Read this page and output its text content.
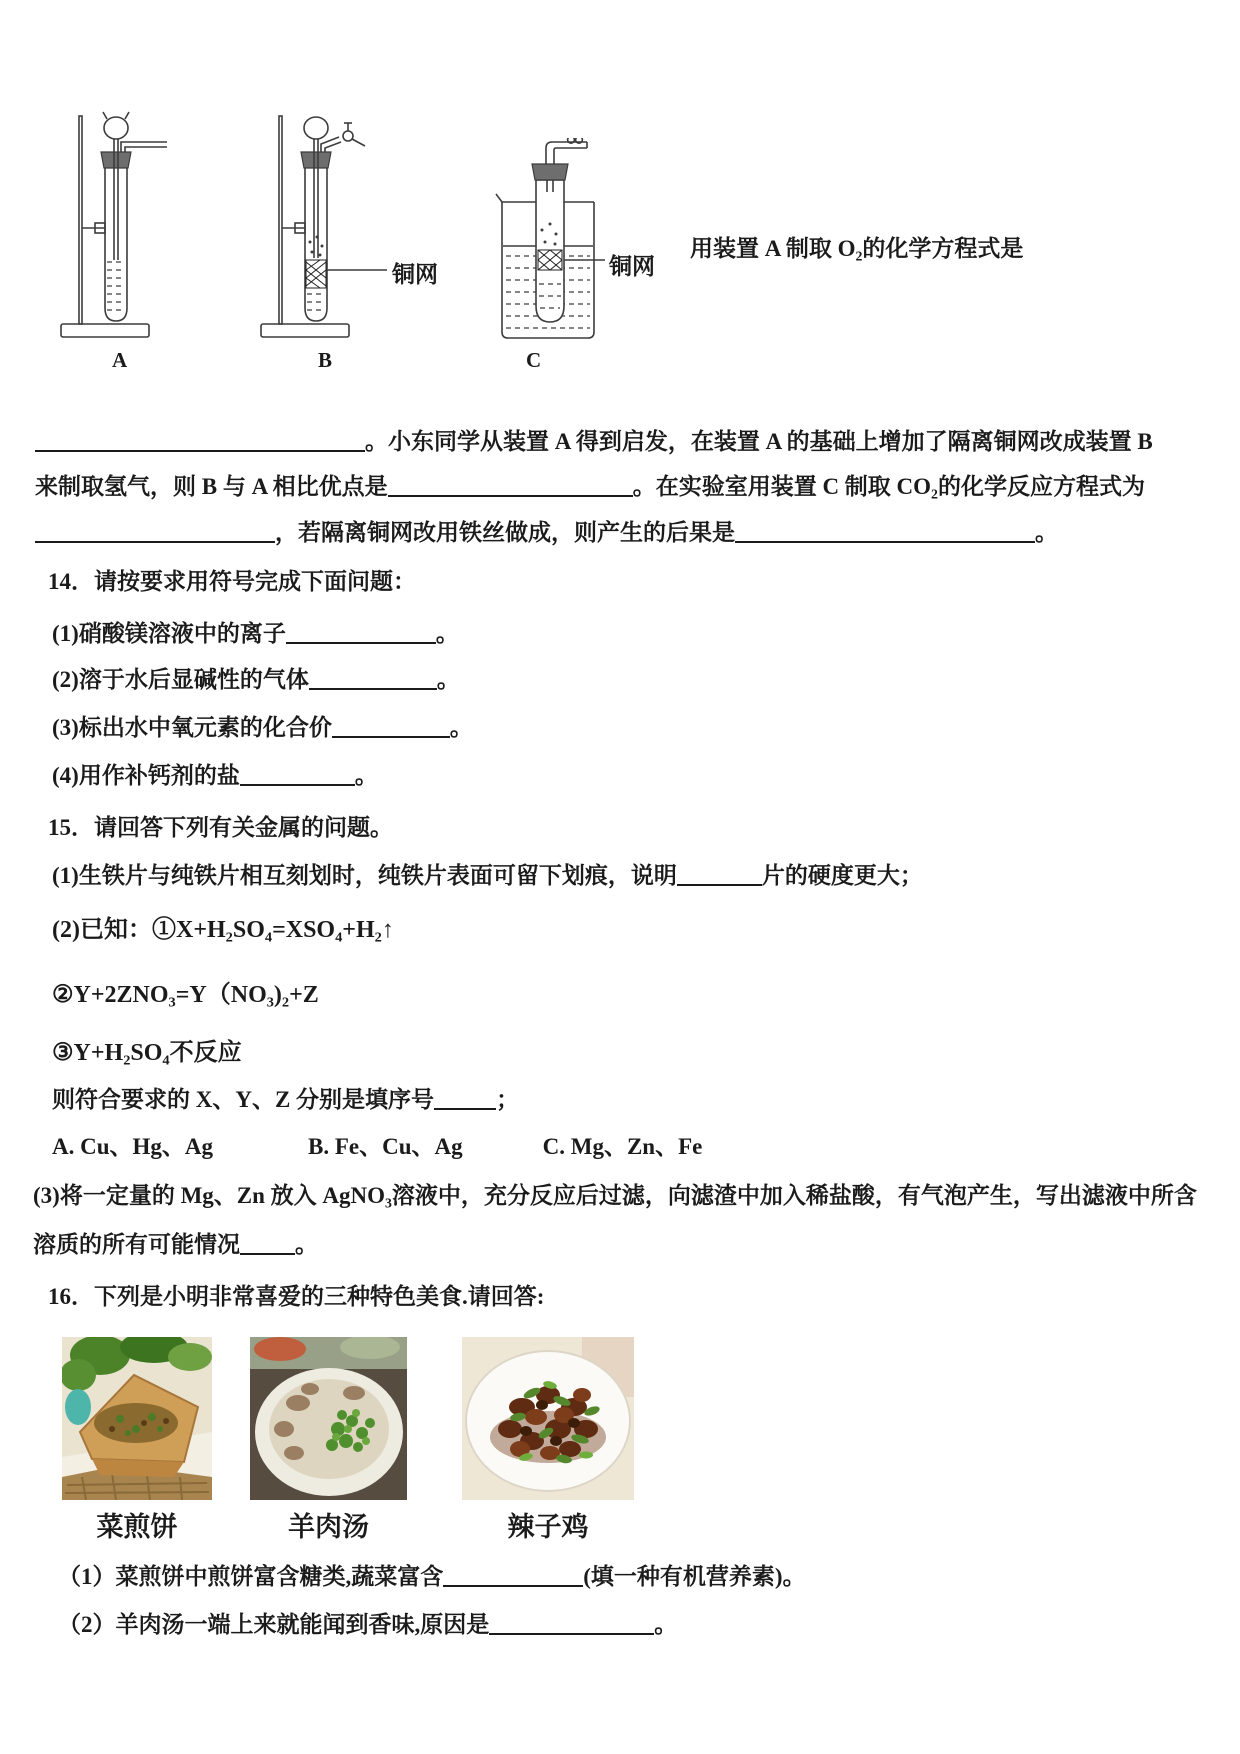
铜网	铜网
A	B	C
用装置 A 制取 O₂的化学方程式是
。小东同学从装置 A 得到启发，在装置 A 的基础上增加了隔离铜网改成装置 B
来制取氢气，则 B 与 A 相比优点是	。在实验室用装置 C 制取 CO₂的化学反应方程式为
，若隔离铜网改用铁丝做成，则产生的后果是	。
14．请按要求用符号完成下面问题：
(1)硝酸镁溶液中的离子	。
(2)溶于水后显碱性的气体	。
(3)标出水中氧元素的化合价	。
(4)用作补钙剂的盐	。
15．请回答下列有关金属的问题。
(1)生铁片与纯铁片相互刻划时，纯铁片表面可留下划痕，说明	片的硬度更大；
(2)已知：①X+H₂SO₄=XSO₄+H₂↑
②Y+2ZNO₃=Y（NO₃)₂+Z
③Y+H₂SO₄不反应
则符合要求的 X、Y、Z 分别是填序号	；
A. Cu、Hg、Ag	B. Fe、Cu、Ag	C. Mg、Zn、Fe
(3)将一定量的 Mg、Zn 放入 AgNO₃溶液中，充分反应后过滤，向滤渣中加入稀盐酸，有气泡产生，写出滤液中所含
溶质的所有可能情况 。
16．下列是小明非常喜爱的三种特色美食.请回答:
菜煎饼	羊肉汤	辣子鸡
（1）菜煎饼中煎饼富含糖类,蔬菜富含	(填一种有机营养素)。
（2）羊肉汤一端上来就能闻到香味,原因是	。
